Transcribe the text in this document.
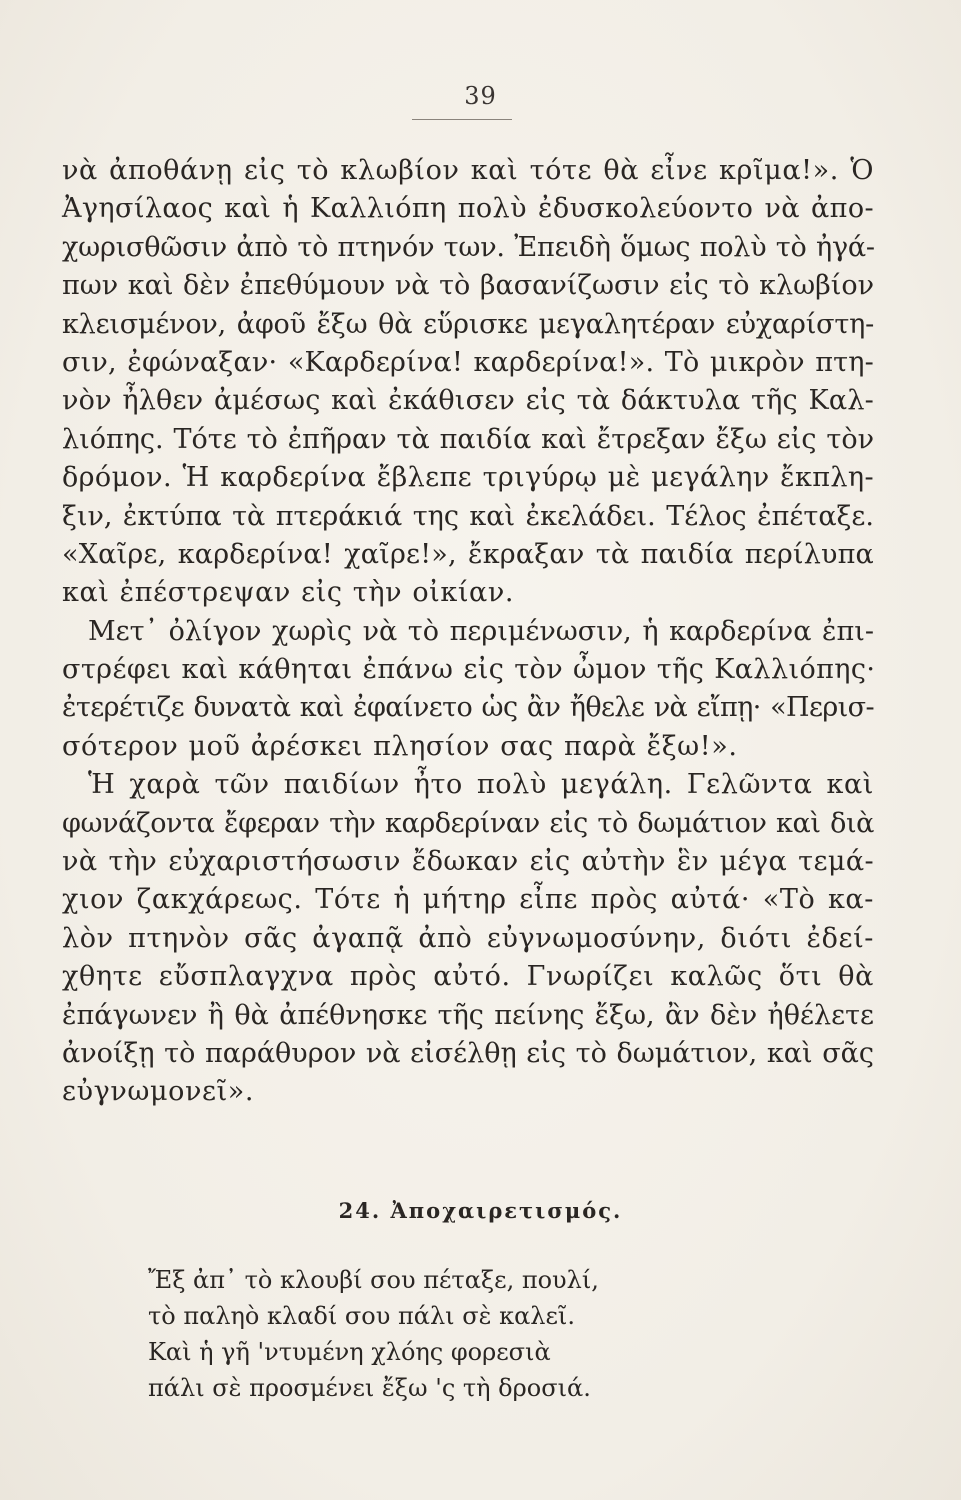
39
νὰ ἀποθάνῃ εἰς τὸ κλωβίον καὶ τότε θὰ εἶνε κρῖμα!». Ὁ
Ἀγησίλαος καὶ ἡ Καλλιόπη πολὺ ἐδυσκολεύοντο νὰ ἀπο-
χωρισθῶσιν ἀπὸ τὸ πτηνόν των. Ἐπειδὴ ὅμως πολὺ τὸ ἠγά-
πων καὶ δὲν ἐπεθύμουν νὰ τὸ βασανίζωσιν εἰς τὸ κλωβίον
κλεισμένον, ἀφοῦ ἔξω θὰ εὕρισκε μεγαλητέραν εὐχαρίστη-
σιν, ἐφώναξαν· «Καρδερίνα! καρδερίνα!». Τὸ μικρὸν πτη-
νὸν ἦλθεν ἀμέσως καὶ ἐκάθισεν εἰς τὰ δάκτυλα τῆς Καλ-
λιόπης. Τότε τὸ ἐπῆραν τὰ παιδία καὶ ἔτρεξαν ἔξω εἰς τὸν
δρόμον. Ἡ καρδερίνα ἔβλεπε τριγύρῳ μὲ μεγάλην ἔκπλη-
ξιν, ἐκτύπα τὰ πτεράκιά της καὶ ἐκελάδει. Τέλος ἐπέταξε.
«Χαῖρε, καρδερίνα! χαῖρε!», ἔκραξαν τὰ παιδία περίλυπα
καὶ ἐπέστρεψαν εἰς τὴν οἰκίαν.
Μετ᾽ ὀλίγον χωρὶς νὰ τὸ περιμένωσιν, ἡ καρδερίνα ἐπι-
στρέφει καὶ κάθηται ἐπάνω εἰς τὸν ὦμον τῆς Καλλιόπης·
ἐτερέτιζε δυνατὰ καὶ ἐφαίνετο ὡς ἂν ἤθελε νὰ εἴπῃ· «Περισ-
σότερον μοῦ ἀρέσκει πλησίον σας παρὰ ἔξω!».
Ἡ χαρὰ τῶν παιδίων ἦτο πολὺ μεγάλη. Γελῶντα καὶ
φωνάζοντα ἔφεραν τὴν καρδερίναν εἰς τὸ δωμάτιον καὶ διὰ
νὰ τὴν εὐχαριστήσωσιν ἔδωκαν εἰς αὐτὴν ἓν μέγα τεμά-
χιον ζακχάρεως. Τότε ἡ μήτηρ εἶπε πρὸς αὐτά· «Τὸ κα-
λὸν πτηνὸν σᾶς ἀγαπᾷ ἀπὸ εὐγνωμοσύνην, διότι ἐδεί-
χθητε εὔσπλαγχνα πρὸς αὐτό. Γνωρίζει καλῶς ὅτι θὰ
ἐπάγωνεν ἢ θὰ ἀπέθνησκε τῆς πείνης ἔξω, ἂν δὲν ἠθέλετε
ἀνοίξῃ τὸ παράθυρον νὰ εἰσέλθῃ εἰς τὸ δωμάτιον, καὶ σᾶς
εὐγνωμονεῖ».
24. Ἀποχαιρετισμός.
Ἔξ ἀπ᾽ τὸ κλουβί σου πέταξε, πουλί,
τὸ παληὸ κλαδί σου πάλι σὲ καλεῖ.
Καὶ ἡ γῆ 'ντυμένη χλόης φορεσιὰ
πάλι σὲ προσμένει ἔξω 'ς τὴ δροσιά.
